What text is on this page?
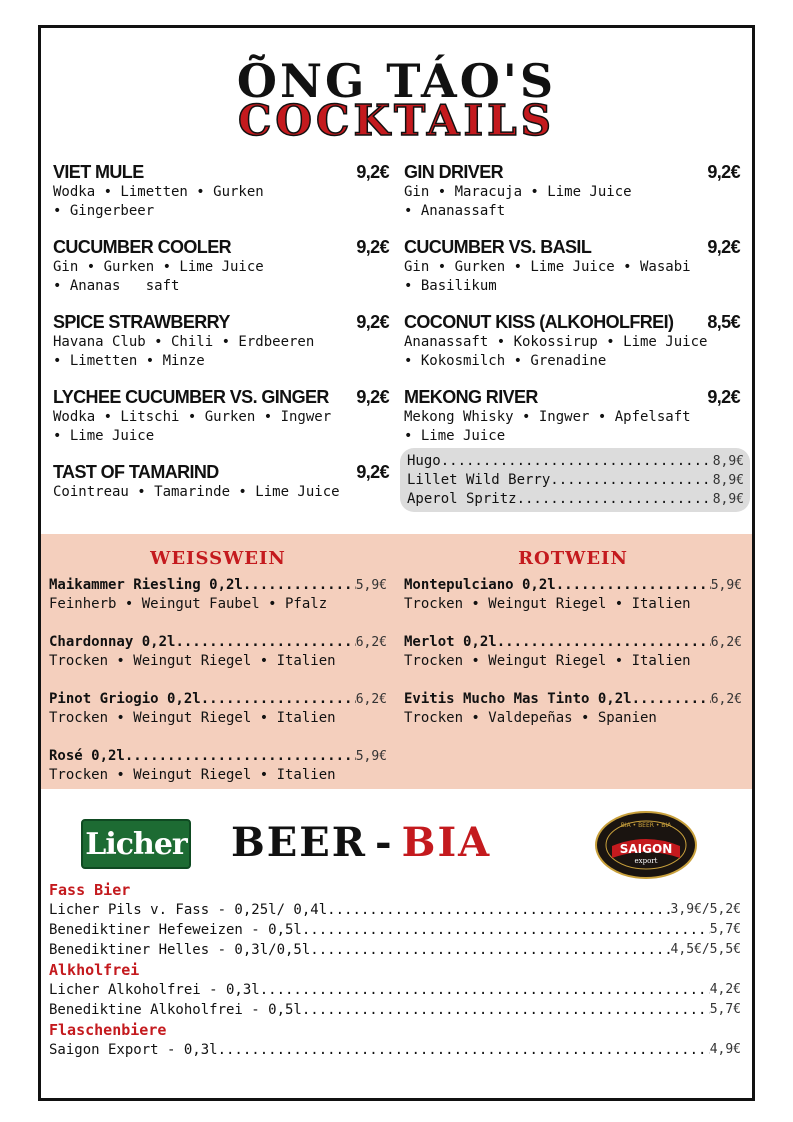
ÕNG TÁO'S
COCKTAILS
VIET MULE	9,2€
Wodka • Limetten • Gurken
• Gingerbeer
CUCUMBER COOLER	9,2€
Gin • Gurken • Lime Juice
• Ananas   saft
SPICE STRAWBERRY	9,2€
Havana Club • Chili • Erdbeeren
• Limetten • Minze
LYCHEE CUCUMBER VS. GINGER 9,2€
Wodka • Litschi • Gurken • Ingwer
• Lime Juice
TAST OF TAMARIND	9,2€
Cointreau • Tamarinde • Lime Juice
GIN DRIVER	9,2€
Gin • Maracuja • Lime Juice
• Ananassaft
CUCUMBER VS. BASIL	9,2€
Gin • Gurken • Lime Juice • Wasabi
• Basilikum
COCONUT KISS (ALKOHOLFREI) 8,5€
Ananassaft • Kokossirup • Lime Juice
• Kokosmilch • Grenadine
MEKONG RIVER	9,2€
Mekong Whisky • Ingwer • Apfelsaft
• Lime Juice
Hugo .....	8,9€
Lillet Wild Berry .....	8,9€
Aperol Spritz .....	8,9€
WEISSWEIN
Maikammer Riesling 0,2l .....	5,9€
Feinherb • Weingut Faubel • Pfalz
Chardonnay 0,2l .....	6,2€
Trocken • Weingut Riegel • Italien
Pinot Griogio 0,2l .....	6,2€
Trocken • Weingut Riegel • Italien
Rosé 0,2l .....	5,9€
Trocken • Weingut Riegel • Italien
ROTWEIN
Montepulciano 0,2l .....	5,9€
Trocken • Weingut Riegel • Italien
Merlot 0,2l .....	6,2€
Trocken • Weingut Riegel • Italien
Evitis Mucho Mas Tinto 0,2l .....	6,2€
Trocken • Valdepeñas • Spanien
Licher BEER - BIA	BIA • BEER • BIA
SAIGON
export
Fass Bier
Licher Pils v. Fass - 0,25l/ 0,4l .....	3,9€/5,2€
Benediktiner Hefeweizen - 0,5l .....	5,7€
Benediktiner Helles - 0,3l/0,5l .....	4,5€/5,5€
Alkholfrei
Licher Alkoholfrei - 0,3l .....	4,2€
Benediktine Alkoholfrei - 0,5l .....	5,7€
Flaschenbiere
Saigon Export - 0,3l .....	4,9€
